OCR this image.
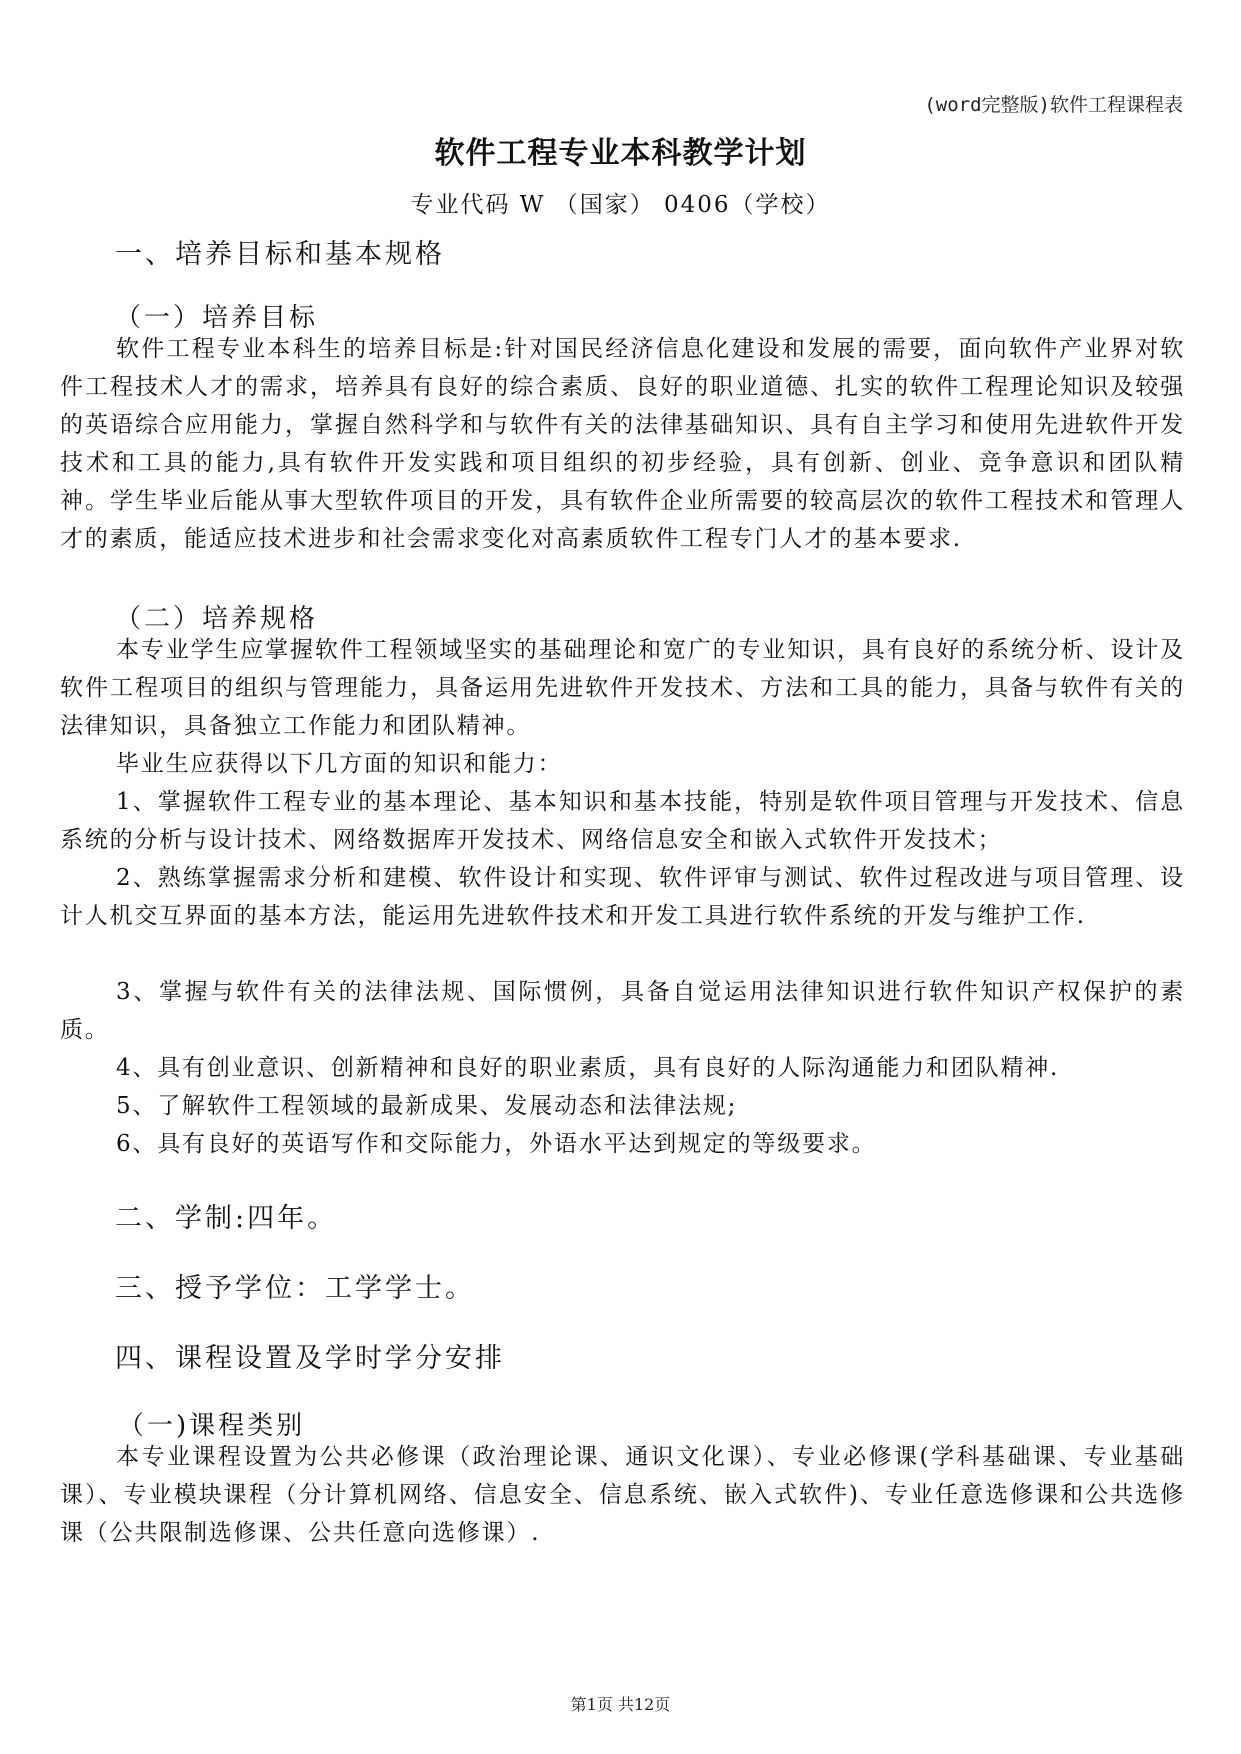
(word完整版)软件工程课程表
软件工程专业本科教学计划
专业代码 W （国家） 0406（学校）
一、培养目标和基本规格
（一）培养目标

软件工程专业本科生的培养目标是:针对国民经济信息化建设和发展的需要，面向软件产业界对软件工程技术人才的需求，培养具有良好的综合素质、良好的职业道德、扎实的软件工程理论知识及较强的英语综合应用能力，掌握自然科学和与软件有关的法律基础知识、具有自主学习和使用先进软件开发技术和工具的能力,具有软件开发实践和项目组织的初步经验，具有创新、创业、竞争意识和团队精神。学生毕业后能从事大型软件项目的开发，具有软件企业所需要的较高层次的软件工程技术和管理人才的素质，能适应技术进步和社会需求变化对高素质软件工程专门人才的基本要求.

（二）培养规格

本专业学生应掌握软件工程领域坚实的基础理论和宽广的专业知识，具有良好的系统分析、设计及软件工程项目的组织与管理能力，具备运用先进软件开发技术、方法和工具的能力，具备与软件有关的法律知识，具备独立工作能力和团队精神。

毕业生应获得以下几方面的知识和能力：

1、掌握软件工程专业的基本理论、基本知识和基本技能，特别是软件项目管理与开发技术、信息系统的分析与设计技术、网络数据库开发技术、网络信息安全和嵌入式软件开发技术；

2、熟练掌握需求分析和建模、软件设计和实现、软件评审与测试、软件过程改进与项目管理、设计人机交互界面的基本方法，能运用先进软件技术和开发工具进行软件系统的开发与维护工作.

3、掌握与软件有关的法律法规、国际惯例，具备自觉运用法律知识进行软件知识产权保护的素质。

4、具有创业意识、创新精神和良好的职业素质，具有良好的人际沟通能力和团队精神.

5、了解软件工程领域的最新成果、发展动态和法律法规;

6、具有良好的英语写作和交际能力，外语水平达到规定的等级要求。

二、学制:四年。
三、授予学位：工学学士。
四、课程设置及学时学分安排
（一)课程类别

本专业课程设置为公共必修课（政治理论课、通识文化课）、专业必修课(学科基础课、专业基础课）、专业模块课程（分计算机网络、信息安全、信息系统、嵌入式软件)、专业任意选修课和公共选修课（公共限制选修课、公共任意向选修课）.

第1页 共12页
